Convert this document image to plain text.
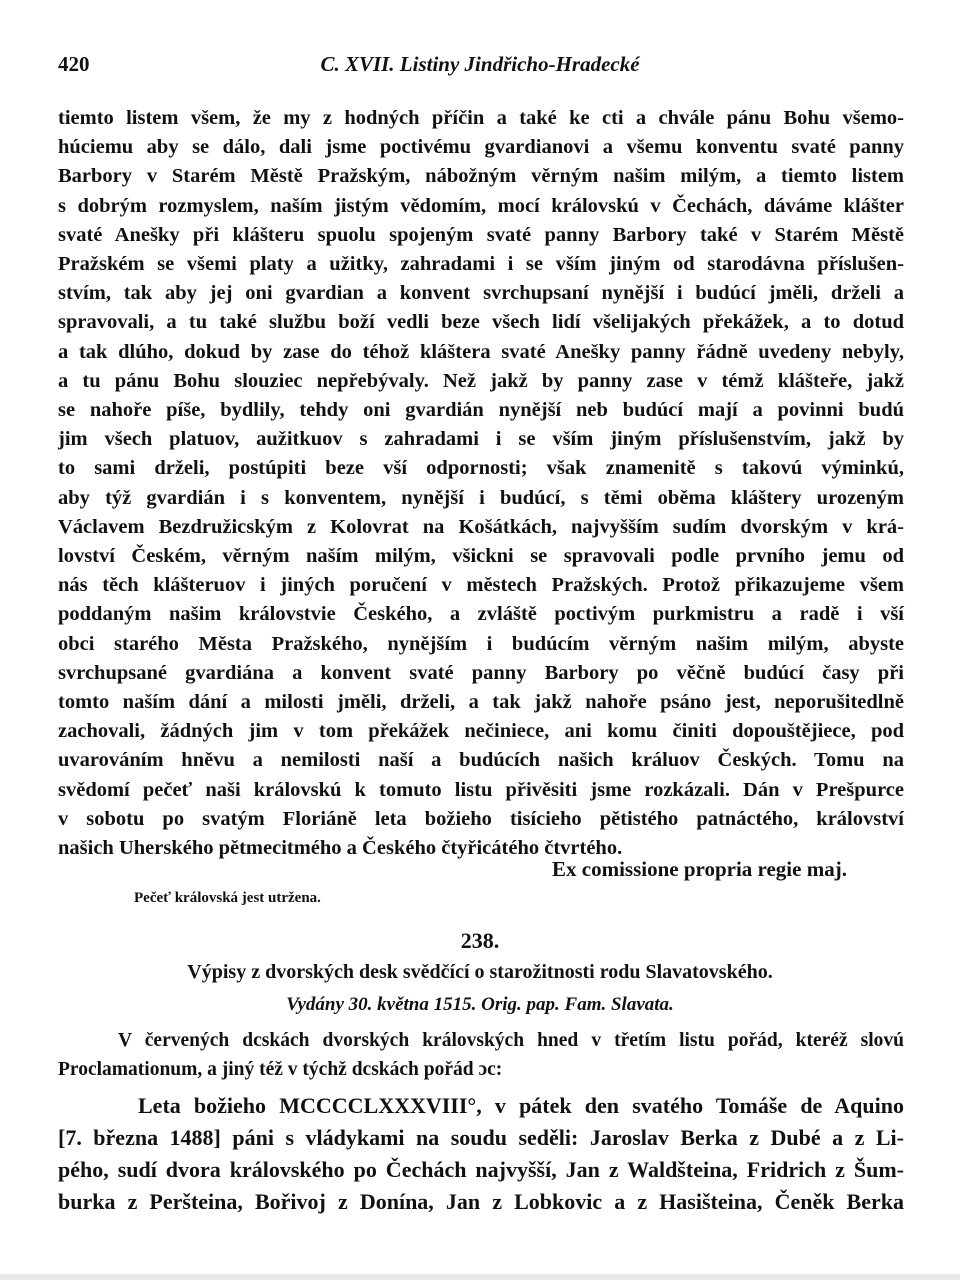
420	C. XVII. Listiny Jindřicho-Hradecké
tiemto listem všem, že my z hodných příčin a také ke cti a chvále pánu Bohu všemo-
húciemu aby se dálo, dali jsme poctivému gvardianovi a všemu konventu svaté panny
Barbory v Starém Městě Pražským, nábožným věrným našim milým, a tiemto listem
s dobrým rozmyslem, naším jistým vědomím, mocí královskú v Čechách, dáváme klášter
svaté Anešky při klášteru spuolu spojeným svaté panny Barbory také v Starém Městě
Pražském se všemi platy a užitky, zahradami i se vším jiným od starodávna příslušen-
stvím, tak aby jej oni gvardian a konvent svrchupsaní nynější i budúcí jměli, drželi a
spravovali, a tu také službu boží vedli beze všech lidí všelijakých překážek, a to dotud
a tak dlúho, dokud by zase do téhož kláštera svaté Anešky panny řádně uvedeny nebyly,
a tu pánu Bohu slouziec nepřebývaly. Než jakž by panny zase v témž klášteře, jakž
se nahoře píše, bydlily, tehdy oni gvardián nynější neb budúcí mají a povinni budú
jim všech platuov, aužitkuov s zahradami i se vším jiným příslušenstvím, jakž by
to sami drželi, postúpiti beze vší odpornosti; však znamenitě s takovú výminkú,
aby týž gvardián i s konventem, nynější i budúcí, s těmi oběma kláštery urozeným
Václavem Bezdružicským z Kolovrat na Košátkách, najvyšším sudím dvorským v krá-
lovství Českém, věrným naším milým, všickni se spravovali podle prvního jemu od
nás těch klášteruov i jiných poručení v městech Pražských. Protož přikazujeme všem
poddaným našim královstvie Českého, a zvláště poctivým purkmistru a radě i vší
obci starého Města Pražského, nynějším i budúcím věrným našim milým, abyste
svrchupsané gvardiána a konvent svaté panny Barbory po věčně budúcí časy při
tomto naším dání a milosti jměli, drželi, a tak jakž nahoře psáno jest, neporušitedlně
zachovali, žádných jim v tom překážek nečiniece, ani komu činiti dopouštějiece, pod
uvarováním hněvu a nemilosti naší a budúcích našich králuov Českých. Tomu na
svědomí pečeť naši královskú k tomuto listu přivěsiti jsme rozkázali. Dán v Prešpurce
v sobotu po svatým Floriáně leta božieho tisícieho pětistého patnáctého, království
našich Uherského pětmecitmého a Českého čtyřicátého čtvrtého.
Ex comissione propria regie maj.
Pečeť královská jest utržena.
238.
Výpisy z dvorských desk svědčící o starožitnosti rodu Slavatovského.
Vydány 30. května 1515. Orig. pap. Fam. Slavata.
V červených dcskách dvorských královských hned v třetím listu pořád, kteréž slovú
Proclamationum, a jiný též v týchž dcskách pořád ɔc:
Leta božieho MCCCCLXXXVIII°, v pátek den svatého Tomáše de Aquino
[7. března 1488] páni s vládykami na soudu seděli: Jaroslav Berka z Dubé a z Li-
pého, sudí dvora královského po Čechách najvyšší, Jan z Waldšteina, Fridrich z Šum-
burka z Peršteina, Bořivoj z Donína, Jan z Lobkovic a z Hasišteina, Čeněk Berka
